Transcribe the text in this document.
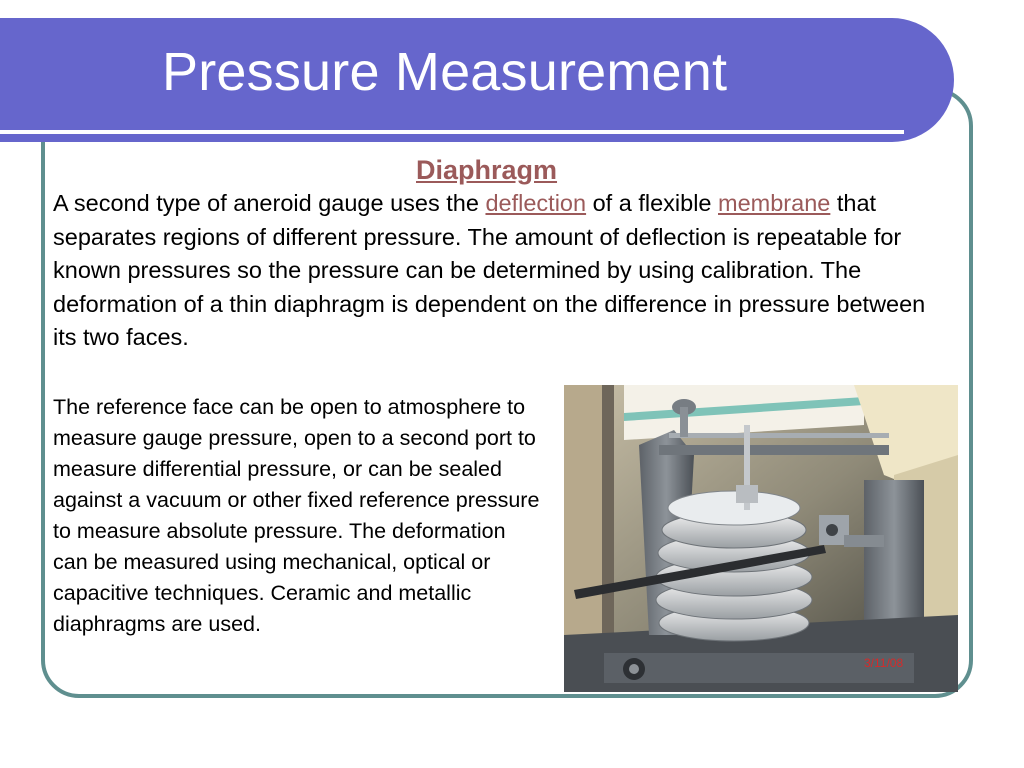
Pressure Measurement
Diaphragm

A second type of aneroid gauge uses the deflection of a flexible membrane that separates regions of different pressure. The amount of deflection is repeatable for known pressures so the pressure can be determined by using calibration. The deformation of a thin diaphragm is dependent on the difference in pressure between its two faces.

The reference face can be open to atmosphere to measure gauge pressure, open to a second port to measure differential pressure, or can be sealed against a vacuum or other fixed reference pressure to measure absolute pressure. The deformation can be measured using mechanical, optical or capacitive techniques. Ceramic and metallic diaphragms are used.

3/11/08
